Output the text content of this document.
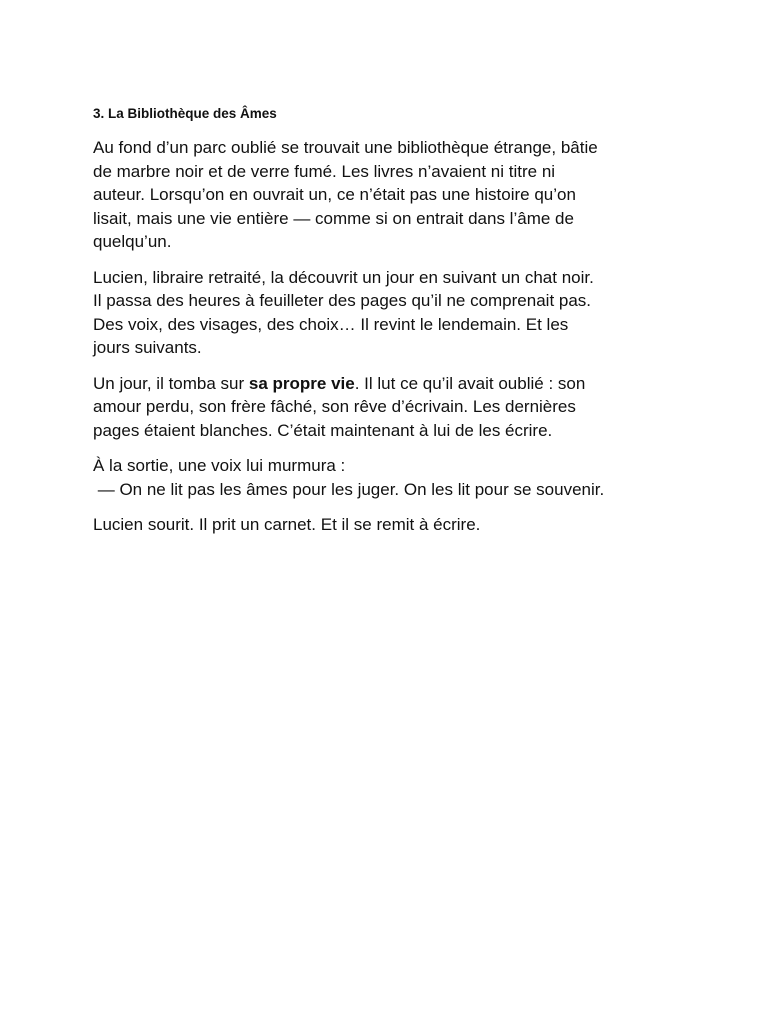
3. La Bibliothèque des Âmes
Au fond d’un parc oublié se trouvait une bibliothèque étrange, bâtie
de marbre noir et de verre fumé. Les livres n’avaient ni titre ni
auteur. Lorsqu’on en ouvrait un, ce n’était pas une histoire qu’on
lisait, mais une vie entière — comme si on entrait dans l’âme de
quelqu’un.
Lucien, libraire retraité, la découvrit un jour en suivant un chat noir.
Il passa des heures à feuilleter des pages qu’il ne comprenait pas.
Des voix, des visages, des choix… Il revint le lendemain. Et les
jours suivants.
Un jour, il tomba sur sa propre vie. Il lut ce qu’il avait oublié : son
amour perdu, son frère fâché, son rêve d’écrivain. Les dernières
pages étaient blanches. C’était maintenant à lui de les écrire.
À la sortie, une voix lui murmura :
— On ne lit pas les âmes pour les juger. On les lit pour se souvenir.
Lucien sourit. Il prit un carnet. Et il se remit à écrire.
